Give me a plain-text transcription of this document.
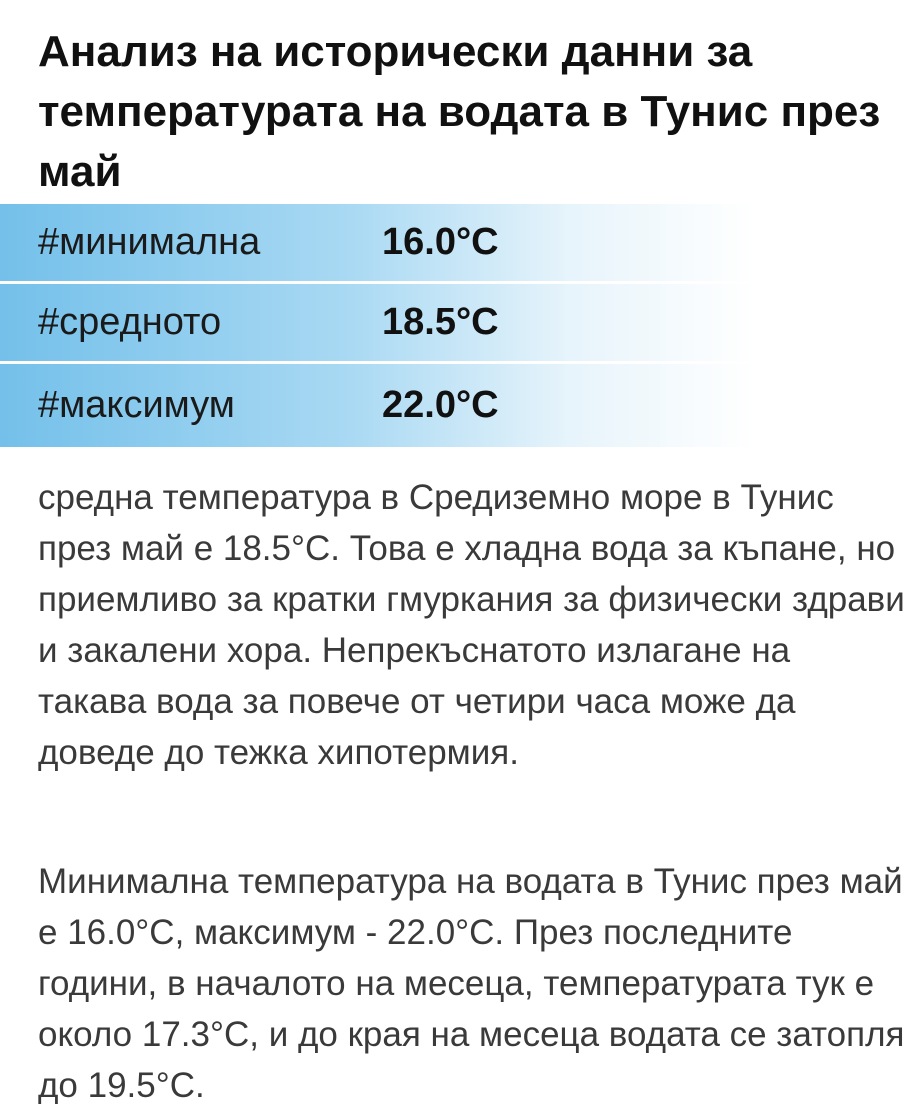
Анализ на исторически данни за температурата на водата в Тунис през май
#минимална	16.0°C
#средното	18.5°C
#максимум	22.0°C

средна температура в Средиземно море в Тунис през май е 18.5°C. Това е хладна вода за къпане, но приемливо за кратки гмуркания за физически здрави и закалени хора. Непрекъснатото излагане на такава вода за повече от четири часа може да доведе до тежка хипотермия.

Минимална температура на водата в Тунис през май е 16.0°C, максимум - 22.0°C. През последните години, в началото на месеца, температурата тук е около 17.3°C, и до края на месеца водата се затопля до 19.5°C.
